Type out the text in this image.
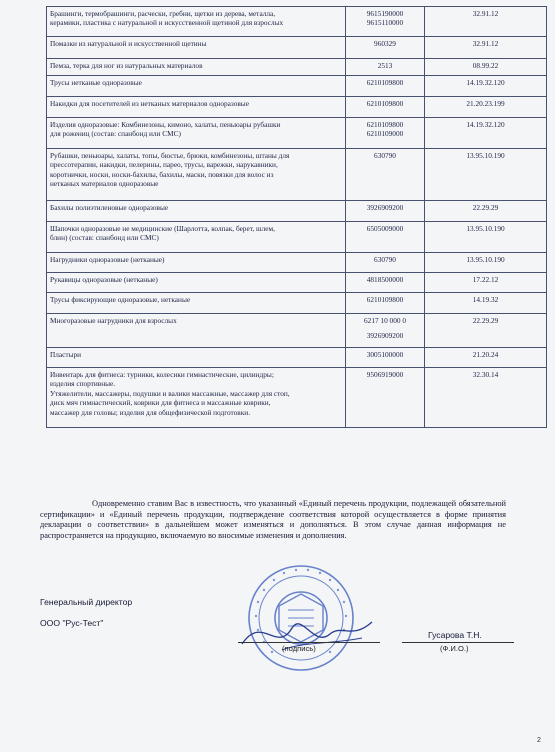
Брашинги, термобрашинги, расчески, гребни, щетки из дерева, металла,
керамики, пластика с натуральной и искусственной щетиной для взрослых	9615190000
9615110000	32.91.12

Помазки из натуральной и искусственной щетины	960329	32.91.12

Пемза, терка для ног из натуральных материалов	2513	08.99.22

Трусы нетканые одноразовые	6210109800	14.19.32.120

Накидки для посетителей из нетканых материалов одноразовые	6210109800	21.20.23.199

Изделия одноразовые: Комбинезоны, кимоно, халаты, пеньюары рубашки
для рожениц (состав: спанбонд или СМС)	6210109800
6210109000	14.19.32.120

Рубашки, пеньюары, халаты, топы, бюстье, брюки, комбинезоны, штаны для
прессотерапии, накидки, пелерины, парео, трусы, варежки, нарукавники,
коротнички, носки, носки-бахилы, бахилы, маски, повязки для волос из
нетканых материалов одноразовые	630790	13.95.10.190

Бахилы полиэтиленовые одноразовые	3926909200	22.29.29

Шапочки одноразовые не медицинские (Шарлотта, колпак, берет, шлем,
блин) (состав: спанбонд или СМС)	6505009000	13.95.10.190

Нагрудники одноразовые (нетканые)	630790	13.95.10.190

Рукавицы одноразовые (нетканые)	4818500000	17.22.12

Трусы фиксирующие одноразовые, нетканые	6210109800	14.19.32

Многоразовые нагрудники для взрослых	6217 10 000 0
3926909200	22.29.29

Пластыри	3005100000	21.20.24

Инвентарь для фитнеса: турники, колесики гимнастические, цилиндры;
изделия спортивные.
Утяжелители, массажеры, подушки и валики массажные, массажер для стоп,
диск мяч гимнастический, коврики для фитнеса и массажные коврики,
массажер для головы; изделия для общефизической подготовки.	9506919000	32.30.14
Одновременно ставим Вас в известность, что указанный «Единый перечень продукции, подлежащей обязательной сертификации» и «Единый перечень продукции, подтверждение соответствия которой осуществляется в форме принятия декларации о соответствии» в дальнейшем может изменяться и дополняться. В этом случае данная информация не распространяется на продукцию, включаемую во вносимые изменения и дополнения.
Генеральный директор
ООО "Рус-Тест"
Гусарова Т.Н.
(подпись)	(Ф.И.О.)
2
